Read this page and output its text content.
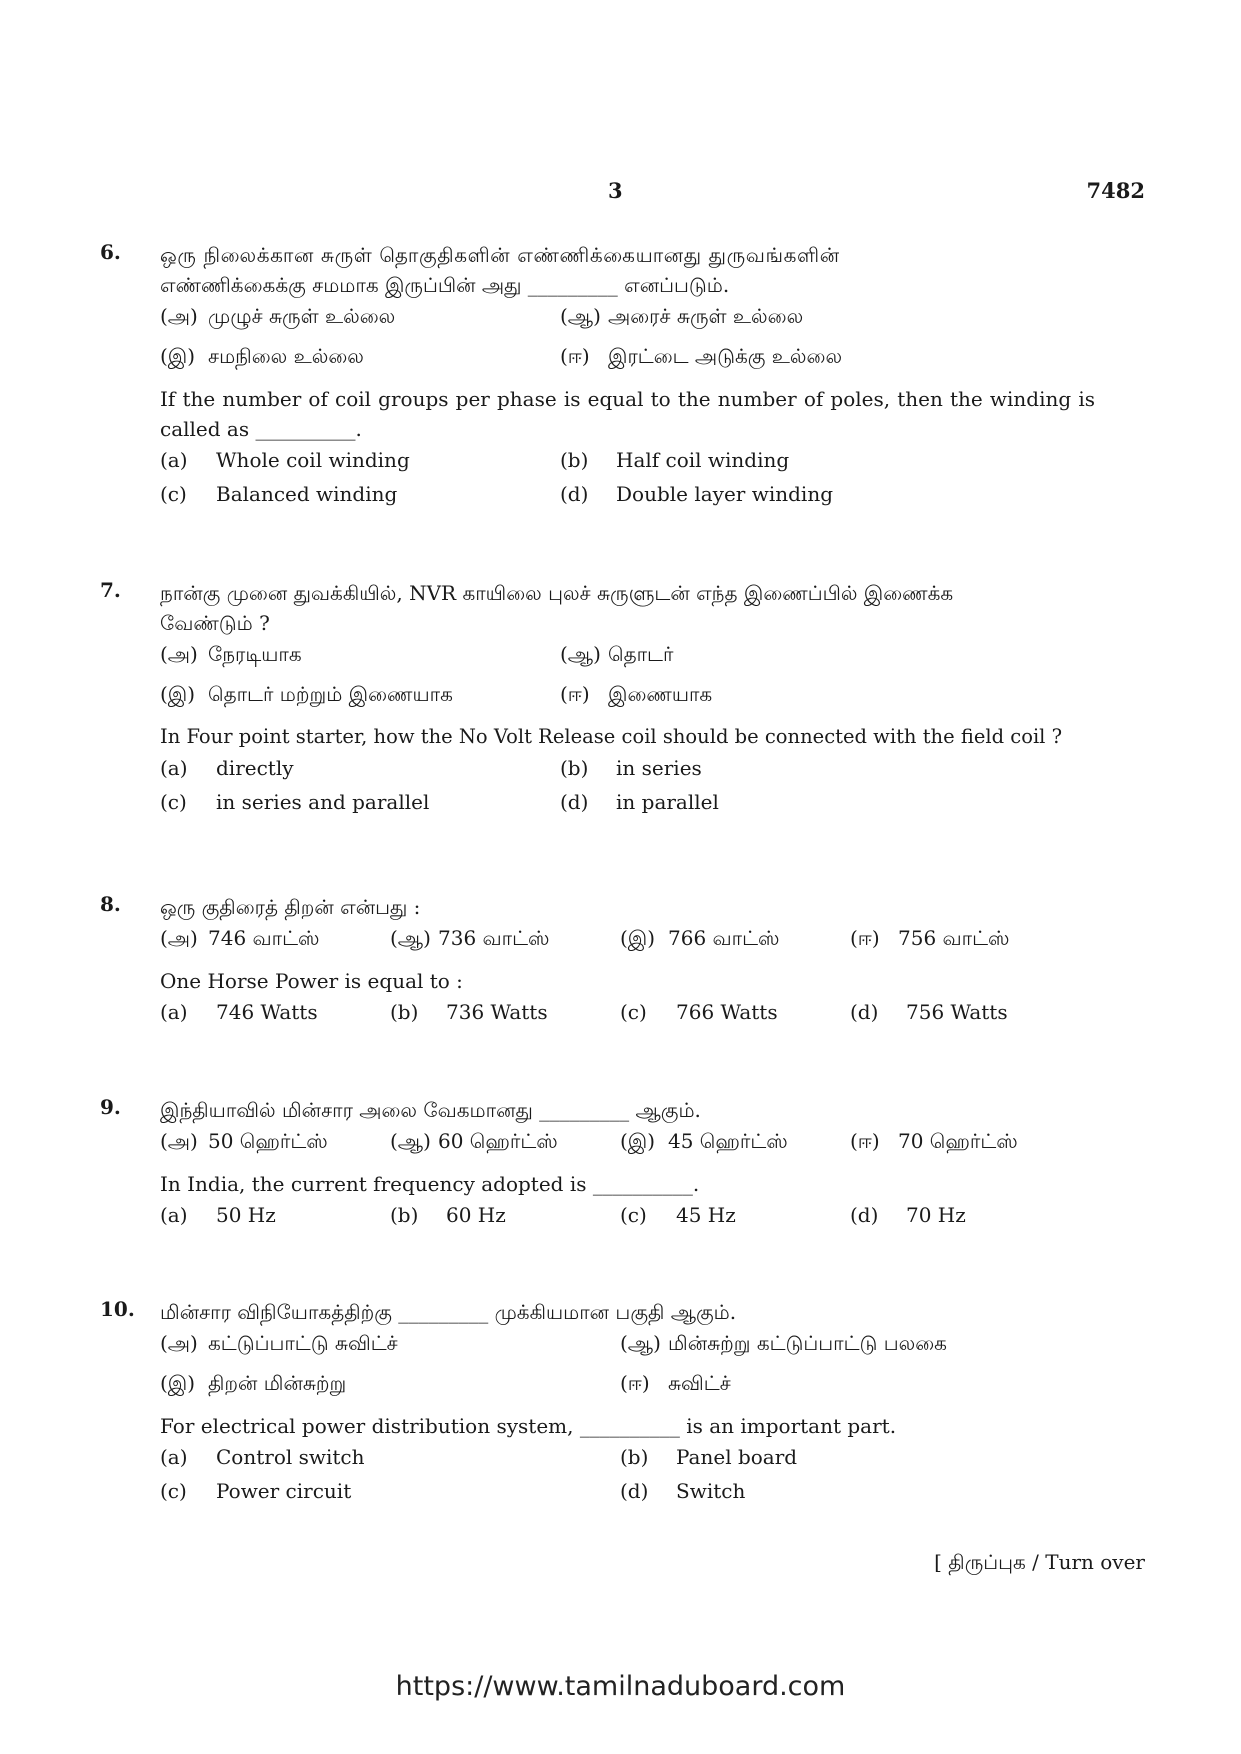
3	7482
6. ஒரு நிலைக்கான சுருள் தொகுதிகளின் எண்ணிக்கையானது துருவங்களின்
எண்ணிக்கைக்கு சமமாக இருப்பின் அது _________ எனப்படும்.
(அ) முழுச் சுருள் உல்லை	(ஆ) அரைச் சுருள் உல்லை
(இ) சமநிலை உல்லை	(ஈ) இரட்டை அடுக்கு உல்லை
If the number of coil groups per phase is equal to the number of poles, then the winding is called as __________.
(a) Whole coil winding	(b) Half coil winding
(c) Balanced winding	(d) Double layer winding
7. நான்கு முனை துவக்கியில், NVR காயிலை புலச் சுருளுடன் எந்த இணைப்பில் இணைக்க
வேண்டும் ?
(அ) நேரடியாக	(ஆ) தொடர்
(இ) தொடர் மற்றும் இணையாக	(ஈ) இணையாக
In Four point starter, how the No Volt Release coil should be connected with the field coil ?
(a) directly	(b) in series
(c) in series and parallel	(d) in parallel
8. ஒரு குதிரைத் திறன் என்பது :
(அ) 746 வாட்ஸ்	(ஆ) 736 வாட்ஸ்	(இ) 766 வாட்ஸ்	(ஈ) 756 வாட்ஸ்
One Horse Power is equal to :
(a) 746 Watts	(b) 736 Watts	(c) 766 Watts	(d) 756 Watts
9. இந்தியாவில் மின்சார அலை வேகமானது _________ ஆகும்.
(அ) 50 ஹெர்ட்ஸ்	(ஆ) 60 ஹெர்ட்ஸ்	(இ) 45 ஹெர்ட்ஸ்	(ஈ) 70 ஹெர்ட்ஸ்
In India, the current frequency adopted is __________.
(a) 50 Hz	(b) 60 Hz	(c) 45 Hz	(d) 70 Hz
10. மின்சார விநியோகத்திற்கு _________ முக்கியமான பகுதி ஆகும்.
(அ) கட்டுப்பாட்டு சுவிட்ச்	(ஆ) மின்சுற்று கட்டுப்பாட்டு பலகை
(இ) திறன் மின்சுற்று	(ஈ) சுவிட்ச்
For electrical power distribution system, __________ is an important part.
(a) Control switch	(b) Panel board
(c) Power circuit	(d) Switch
[ திருப்புக / Turn over
https://www.tamilnaduboard.com
